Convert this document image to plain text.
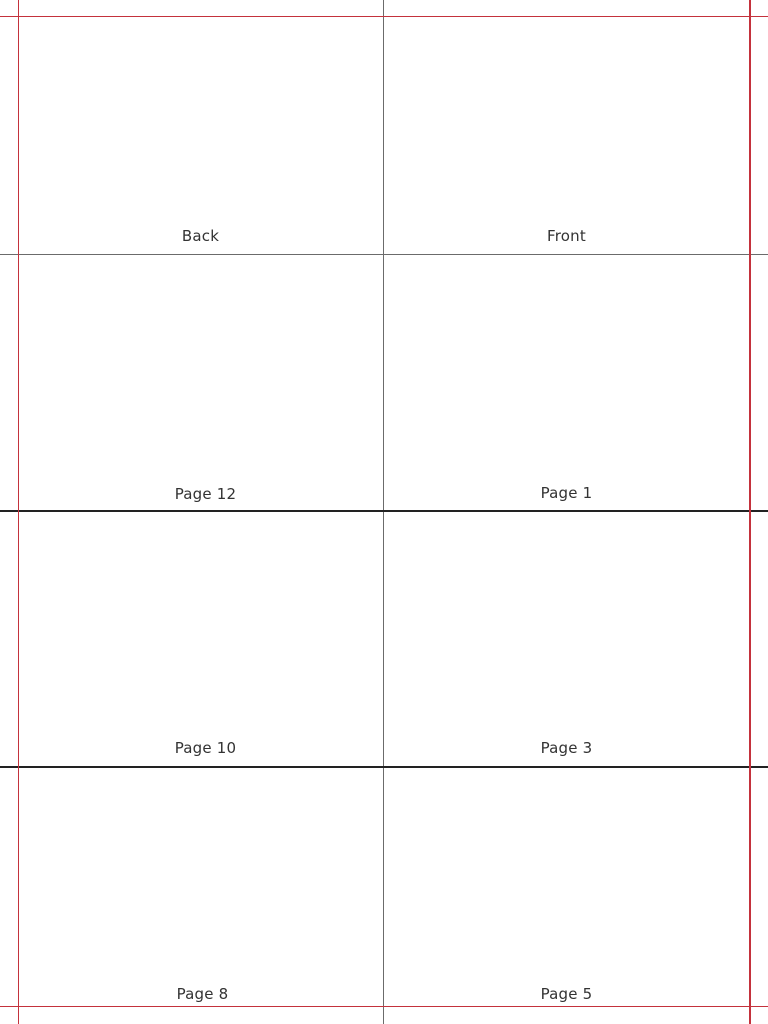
Back	Front
Page 12	Page 1
Page 10	Page 3
Page 8	Page 5
